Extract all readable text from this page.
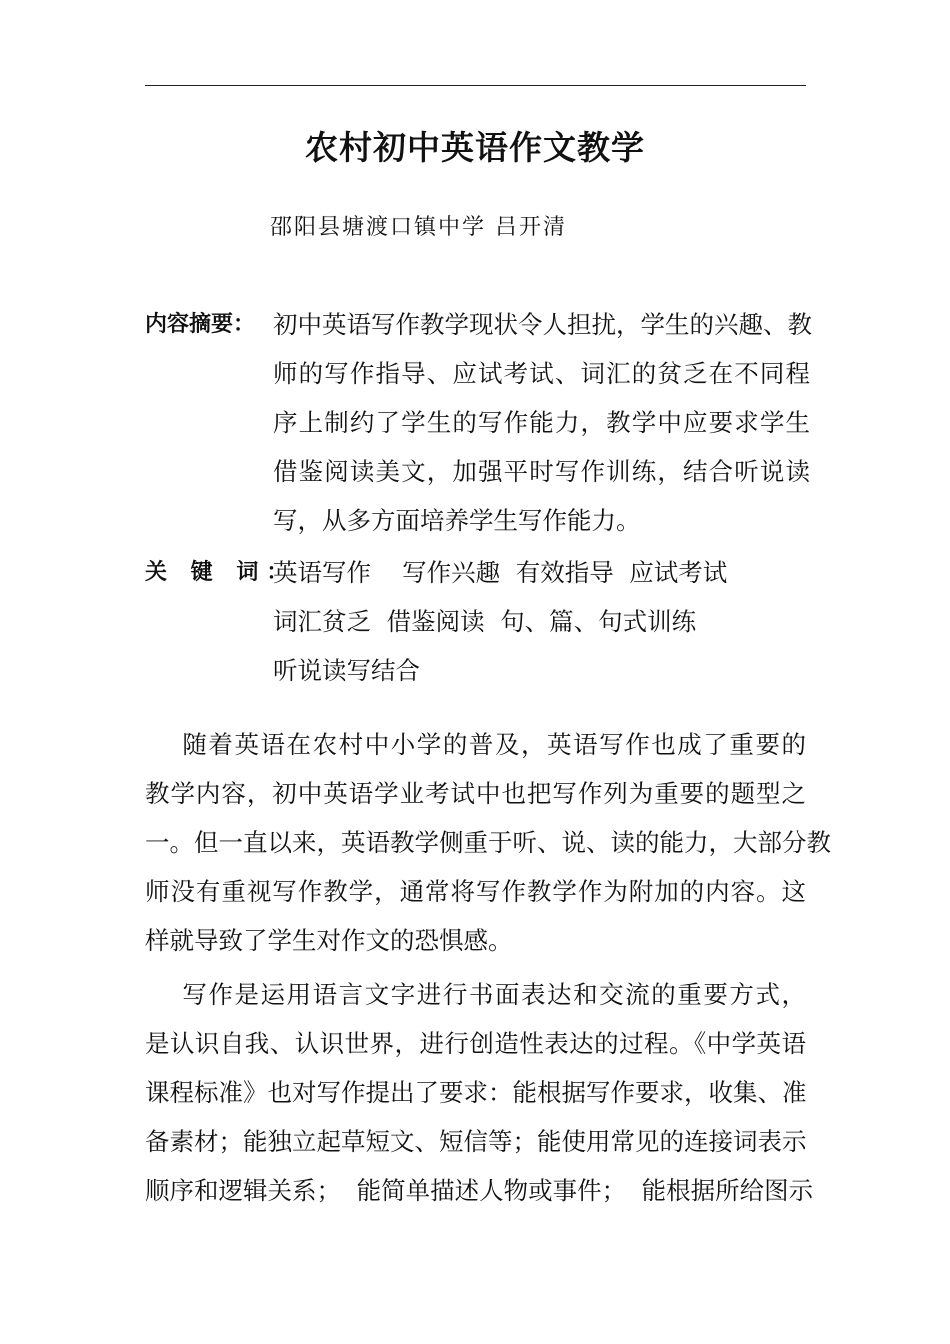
农村初中英语作文教学
邵阳县塘渡口镇中学 吕开清
内容摘要： 初中英语写作教学现状令人担扰，学生的兴趣、教
师的写作指导、应试考试、词汇的贫乏在不同程
序上制约了学生的写作能力，教学中应要求学生
借鉴阅读美文，加强平时写作训练，结合听说读
写，从多方面培养学生写作能力。
关 键 词：
英语写作    写作兴趣  有效指导  应试考试
词汇贫乏  借鉴阅读  句、篇、句式训练
听说读写结合
随着英语在农村中小学的普及，英语写作也成了重要的
教学内容，初中英语学业考试中也把写作列为重要的题型之
一。但一直以来，英语教学侧重于听、说、读的能力，大部分教
师没有重视写作教学，通常将写作教学作为附加的内容。这
样就导致了学生对作文的恐惧感。
写作是运用语言文字进行书面表达和交流的重要方式，
是认识自我、认识世界，进行创造性表达的过程。《中学英语
课程标准》也对写作提出了要求：能根据写作要求，收集、准
备素材；能独立起草短文、短信等；能使用常见的连接词表示
顺序和逻辑关系；  能简单描述人物或事件；  能根据所给图示
